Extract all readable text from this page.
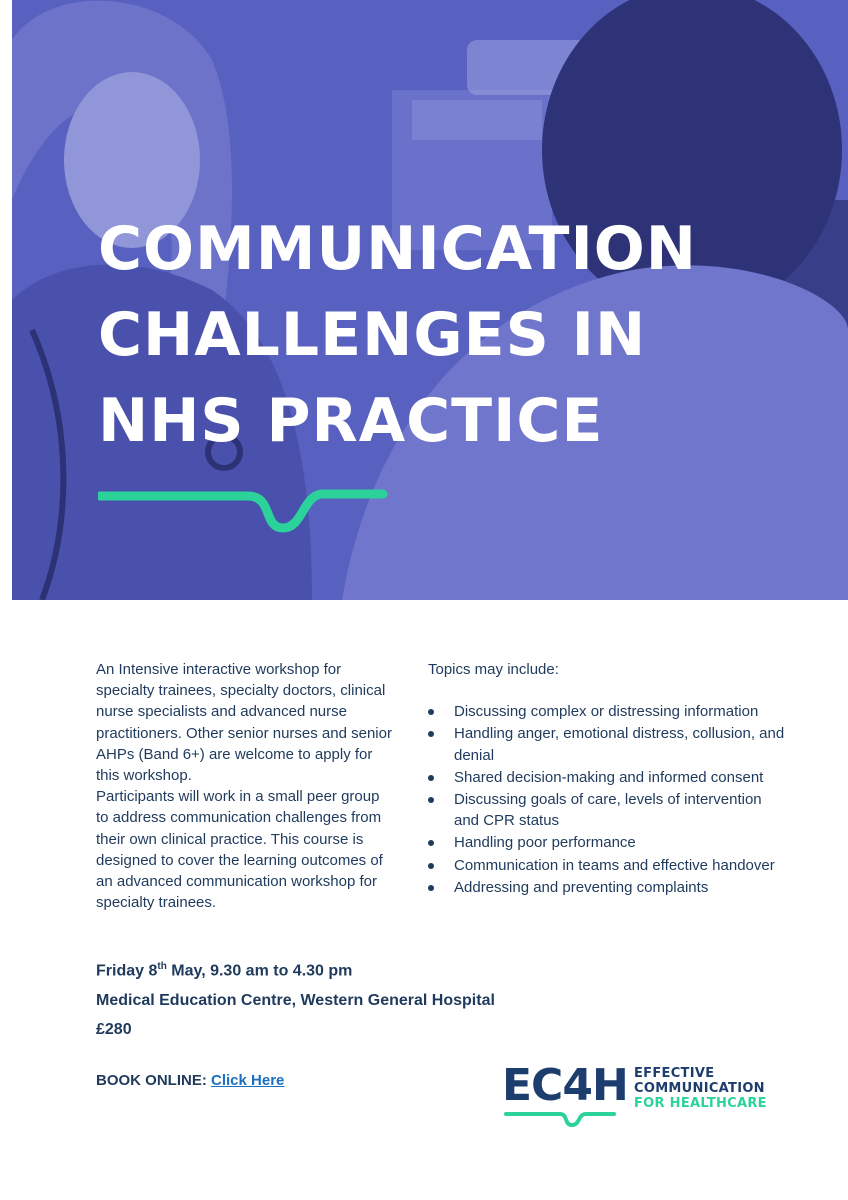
COMMUNICATION
CHALLENGES IN
NHS PRACTICE

An Intensive interactive workshop for specialty trainees, specialty doctors, clinical nurse specialists and advanced nurse practitioners. Other senior nurses and senior AHPs (Band 6+) are welcome to apply for this workshop.

Participants will work in a small peer group to address communication challenges from their own clinical practice. This course is designed to cover the learning outcomes of an advanced communication workshop for specialty trainees.

Topics may include:

Discussing complex or distressing information
Handling anger, emotional distress, collusion, and denial
Shared decision-making and informed consent
Discussing goals of care, levels of intervention and CPR status
Handling poor performance
Communication in teams and effective handover
Addressing and preventing complaints
Friday 8th May, 9.30 am to 4.30 pm
Medical Education Centre, Western General Hospital
£280
BOOK ONLINE: Click Here	EC4H EFFECTIVE
COMMUNICATION
FOR HEALTHCARE
